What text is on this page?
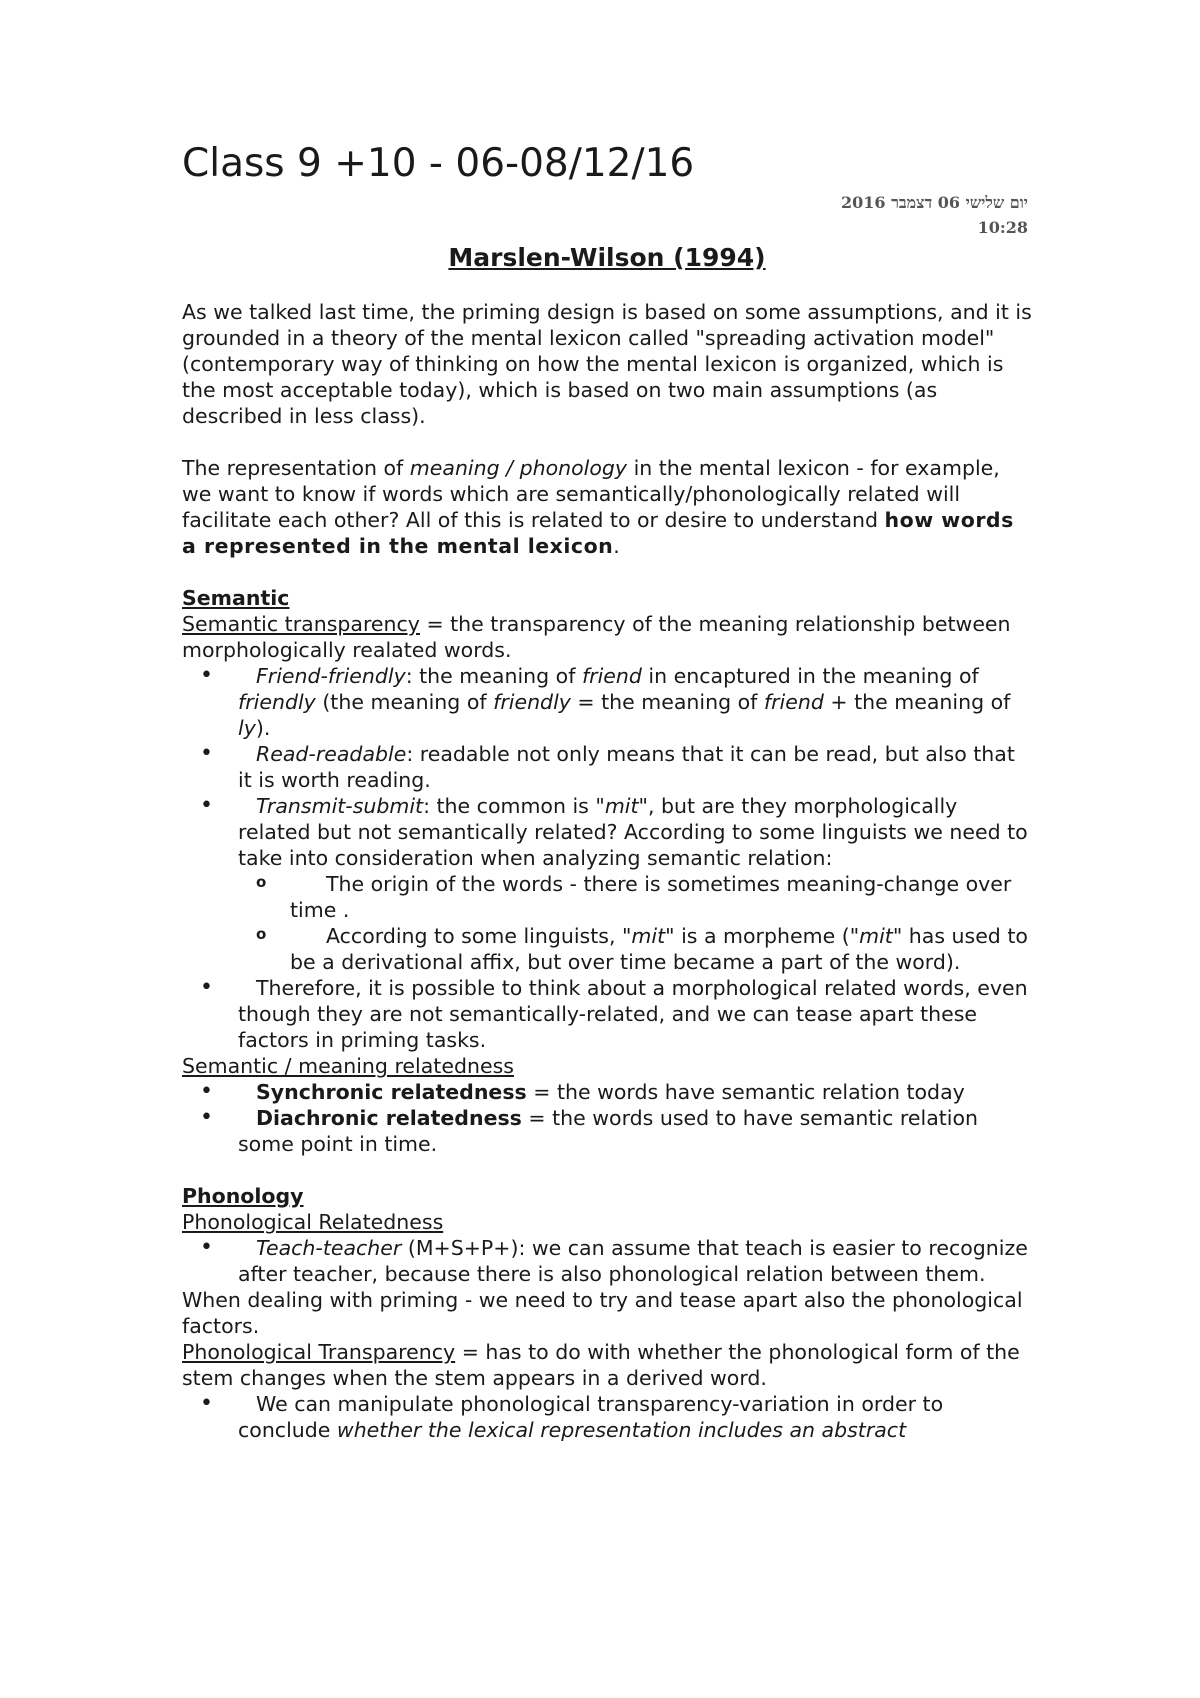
Class 9 +10 - 06-08/12/16
יום שלישי 06 דצמבר 2016
10:28
Marslen-Wilson (1994)

As we talked last time, the priming design is based on some assumptions, and it is grounded in a theory of the mental lexicon called "spreading activation model" (contemporary way of thinking on how the mental lexicon is organized, which is the most acceptable today), which is based on two main assumptions (as described in less class).

The representation of meaning / phonology in the mental lexicon - for example, we want to know if words which are semantically/phonologically related will facilitate each other? All of this is related to or desire to understand how words a represented in the mental lexicon.

Semantic

Semantic transparency = the transparency of the meaning relationship between morphologically realated words.

• Friend-friendly: the meaning of friend in encaptured in the meaning of friendly (the meaning of friendly = the meaning of friend + the meaning of ly).
• Read-readable: readable not only means that it can be read, but also that it is worth reading.
• Transmit-submit: the common is "mit", but are they morphologically related but not semantically related? According to some linguists we need to take into consideration when analyzing semantic relation:
o The origin of the words - there is sometimes meaning-change over time .
o According to some linguists, "mit" is a morpheme ("mit" has used to be a derivational affix, but over time became a part of the word).
• Therefore, it is possible to think about a morphological related words, even though they are not semantically-related, and we can tease apart these factors in priming tasks.

Semantic / meaning relatedness

• Synchronic relatedness = the words have semantic relation today
• Diachronic relatedness = the words used to have semantic relation some point in time.

Phonology

Phonological Relatedness

• Teach-teacher (M+S+P+): we can assume that teach is easier to recognize after teacher, because there is also phonological relation between them.

When dealing with priming - we need to try and tease apart also the phonological factors.

Phonological Transparency = has to do with whether the phonological form of the stem changes when the stem appears in a derived word.

• We can manipulate phonological transparency-variation in order to conclude whether the lexical representation includes an abstract
